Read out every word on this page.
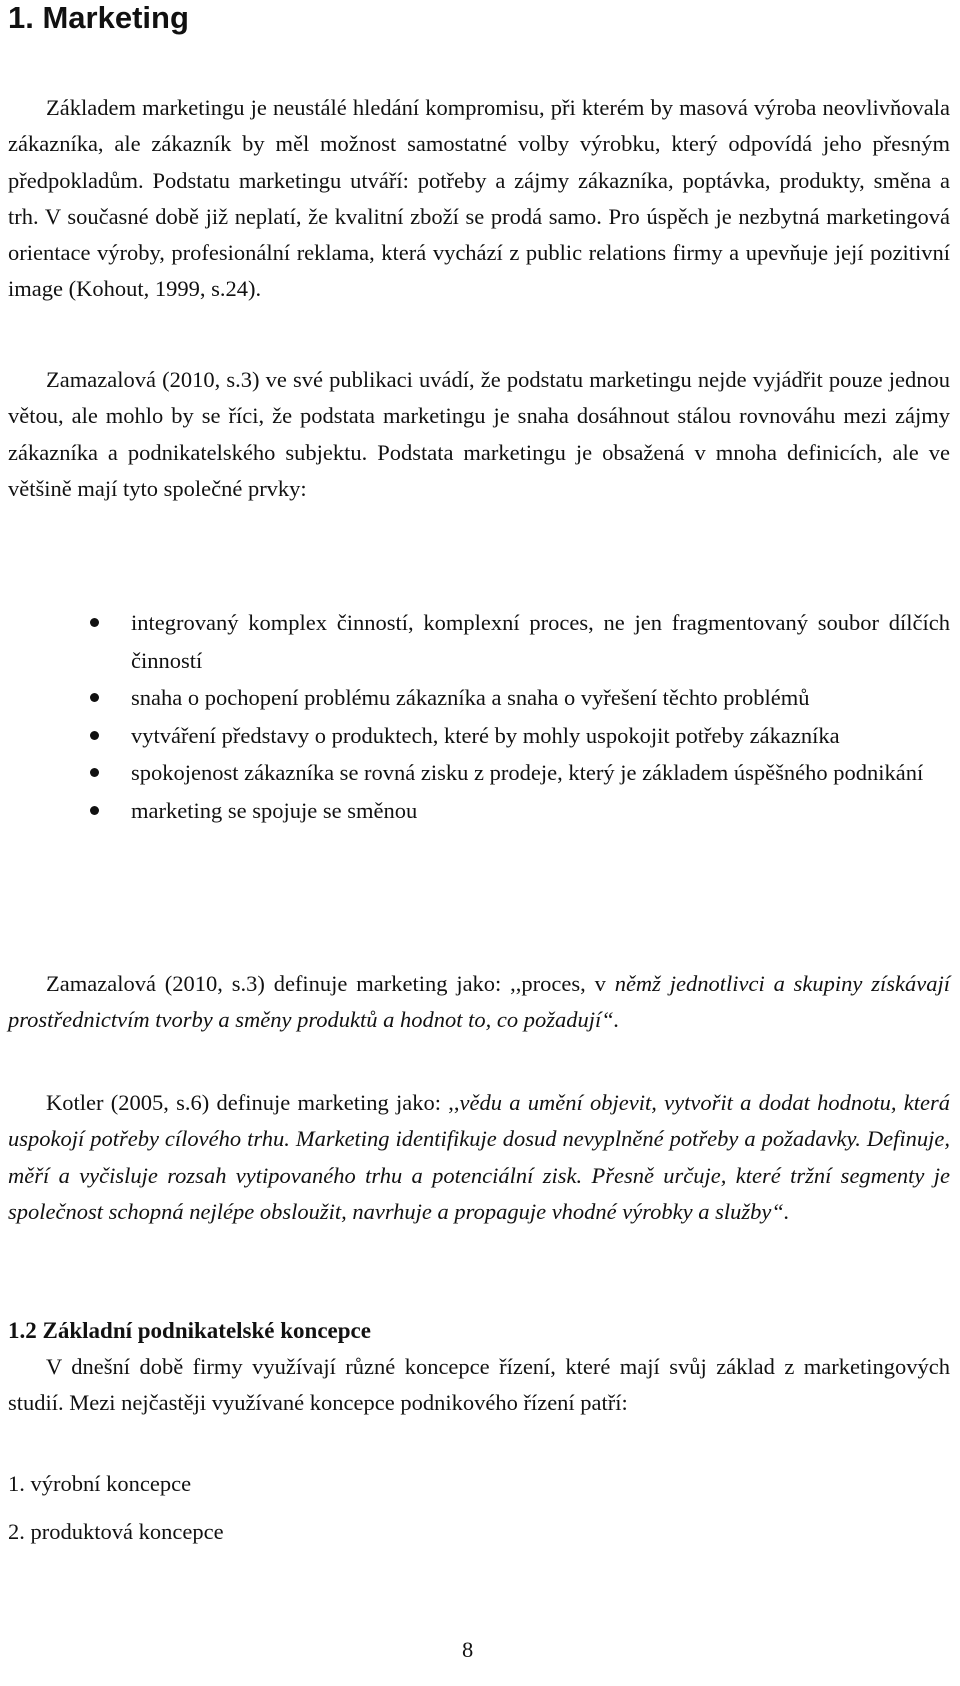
1. Marketing

Základem marketingu je neustálé hledání kompromisu, při kterém by masová výroba neovlivňovala zákazníka, ale zákazník by měl možnost samostatné volby výrobku, který odpovídá jeho přesným předpokladům. Podstatu marketingu utváří: potřeby a zájmy zákazníka, poptávka, produkty, směna a trh. V současné době již neplatí, že kvalitní zboží se prodá samo. Pro úspěch je nezbytná marketingová orientace výroby, profesionální reklama, která vychází z public relations firmy a upevňuje její pozitivní image (Kohout, 1999, s.24).

Zamazalová (2010, s.3) ve své publikaci uvádí, že podstatu marketingu nejde vyjádřit pouze jednou větou, ale mohlo by se říci, že podstata marketingu je snaha dosáhnout stálou rovnováhu mezi zájmy zákazníka a podnikatelského subjektu. Podstata marketingu je obsažená v mnoha definicích, ale ve většině mají tyto společné prvky:

integrovaný komplex činností, komplexní proces, ne jen fragmentovaný soubor dílčích činností
snaha o pochopení problému zákazníka a snaha o vyřešení těchto problémů
vytváření představy o produktech, které by mohly uspokojit potřeby zákazníka
spokojenost zákazníka se rovná zisku z prodeje, který je základem úspěšného podnikání
marketing se spojuje se směnou

Zamazalová (2010, s.3) definuje marketing jako: ,,proces, v němž jednotlivci a skupiny získávají prostřednictvím tvorby a směny produktů a hodnot to, co požadují“.

Kotler (2005, s.6) definuje marketing jako: ,,vědu a umění objevit, vytvořit a dodat hodnotu, která uspokojí potřeby cílového trhu. Marketing identifikuje dosud nevyplněné potřeby a požadavky. Definuje, měří a vyčisluje rozsah vytipovaného trhu a potenciální zisk. Přesně určuje, které tržní segmenty je společnost schopná nejlépe obsloužit, navrhuje a propaguje vhodné výrobky a služby“.

1.2 Základní podnikatelské koncepce

V dnešní době firmy využívají různé koncepce řízení, které mají svůj základ z marketingových studií. Mezi nejčastěji využívané koncepce podnikového řízení patří:

1. výrobní koncepce

2. produktová koncepce

8
